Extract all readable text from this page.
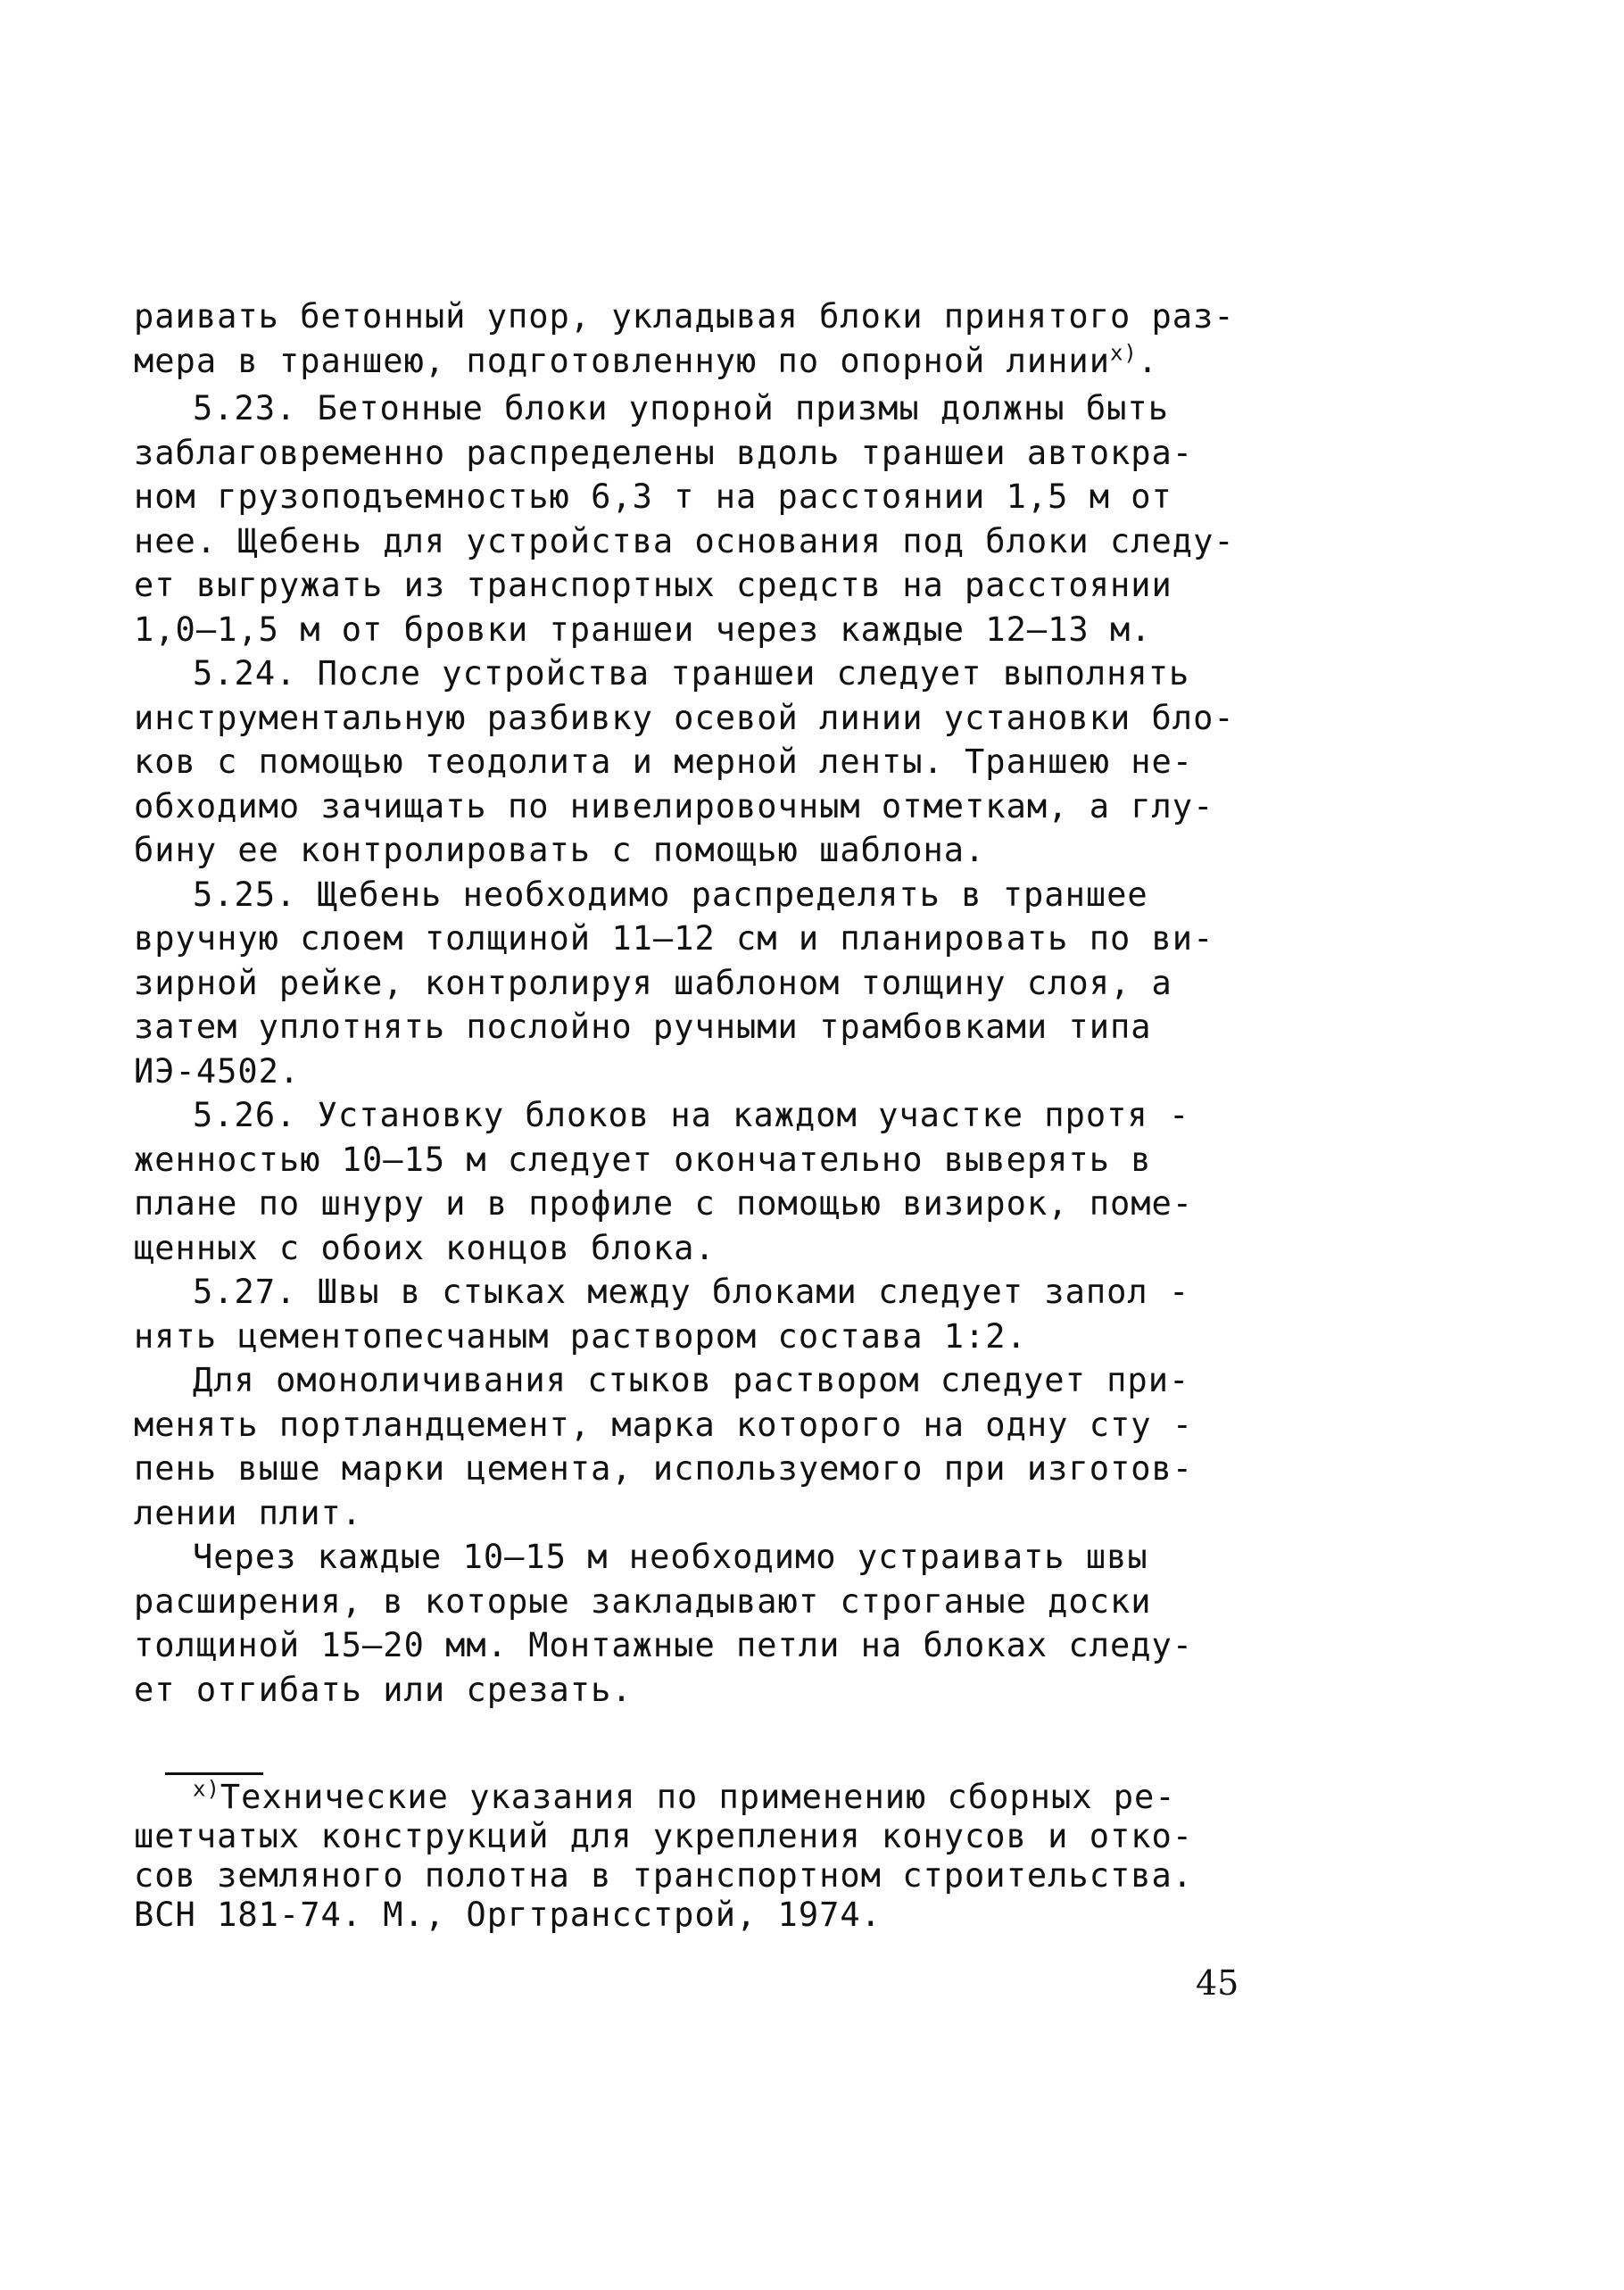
раивать бетонный упор, укладывая блоки принятого раз-
мера в траншею, подготовленную по опорной линии$^{х)}$.
5.23. Бетонные блоки упорной призмы должны быть
заблаговременно распределены вдоль траншеи автокра-
ном грузоподъемностью 6,3 т на расстоянии 1,5 м от
нее. Щебень для устройства основания под блоки следу-
ет выгружать из транспортных средств на расстоянии
1,0–1,5 м от бровки траншеи через каждые 12–13 м.
5.24. После устройства траншеи следует выполнять
инструментальную разбивку осевой линии установки бло-
ков с помощью теодолита и мерной ленты. Траншею не-
обходимо зачищать по нивелировочным отметкам, а глу-
бину ее контролировать с помощью шаблона.
5.25. Щебень необходимо распределять в траншее
вручную слоем толщиной 11–12 см и планировать по ви-
зирной рейке, контролируя шаблоном толщину слоя, а
затем уплотнять послойно ручными трамбовками типа
ИЭ-4502.
5.26. Установку блоков на каждом участке протя -
женностью 10–15 м следует окончательно выверять в
плане по шнуру и в профиле с помощью визирок, поме-
щенных с обоих концов блока.
5.27. Швы в стыках между блоками следует запол -
нять цементопесчаным раствором состава 1:2.
Для омоноличивания стыков раствором следует при-
менять портландцемент, марка которого на одну сту -
пень выше марки цемента, используемого при изготов-
лении плит.
Через каждые 10–15 м необходимо устраивать швы
расширения, в которые закладывают строганые доски
толщиной 15–20 мм. Монтажные петли на блоках следу-
ет отгибать или срезать.
$^{х)}$Технические указания по применению сборных ре-
шетчатых конструкций для укрепления конусов и отко-
сов земляного полотна в транспортном строительства.
ВСН 181-74. М., Оргтрансстрой, 1974.
45
